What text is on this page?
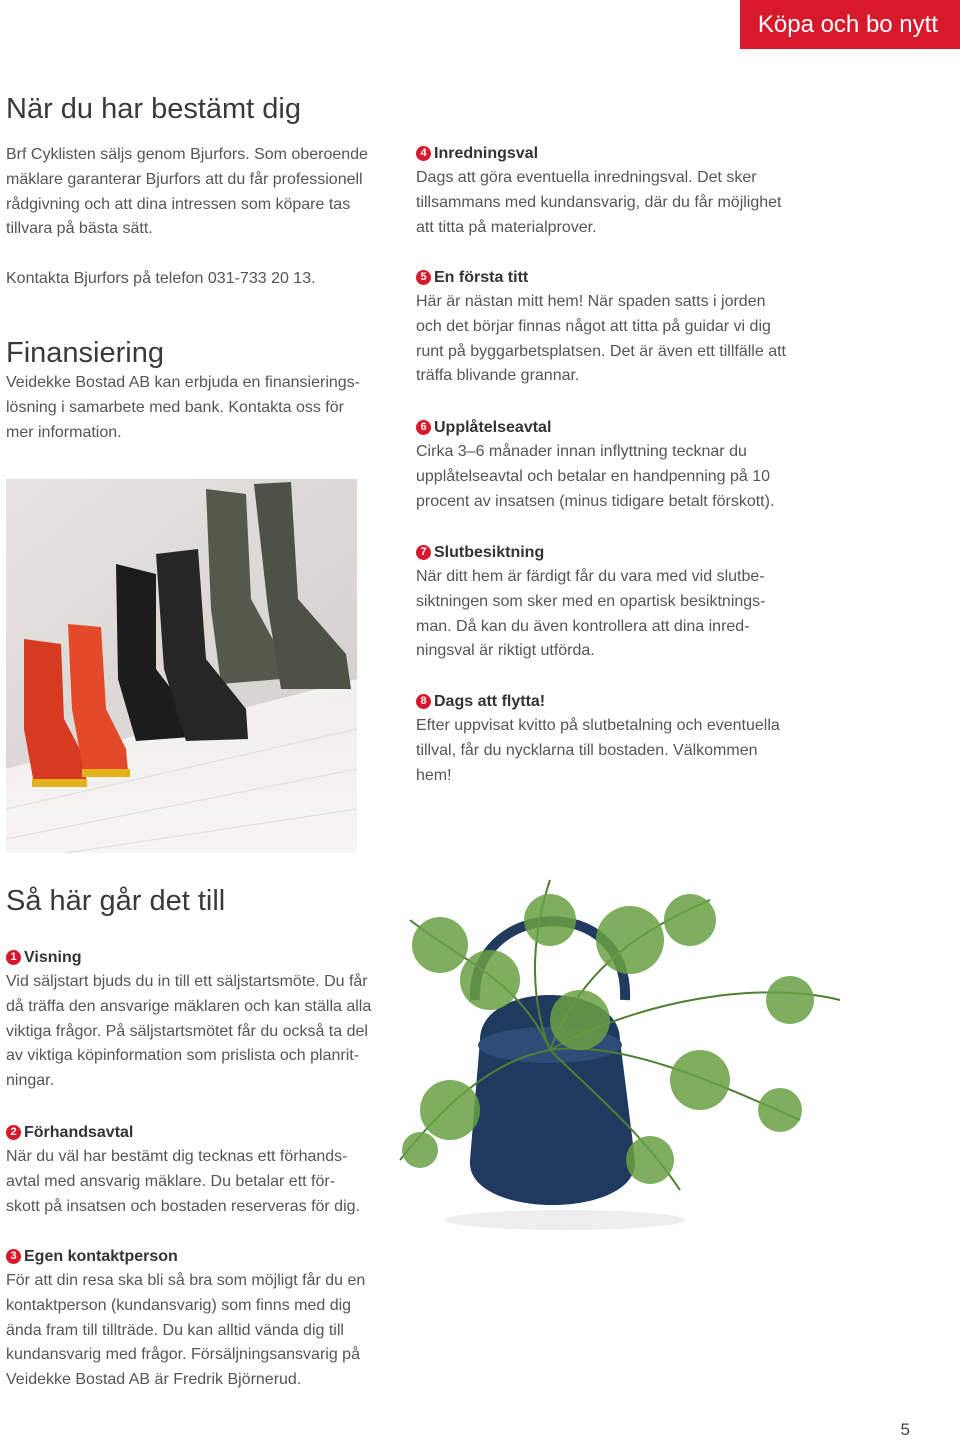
Köpa och bo nytt
När du har bestämt dig

Brf Cyklisten säljs genom Bjurfors. Som oberoende mäklare garanterar Bjurfors att du får professionell rådgivning och att dina intressen som köpare tas tillvara på bästa sätt.

Kontakta Bjurfors på telefon 031-733 20 13.

Finansiering

Veidekke Bostad AB kan erbjuda en finansierings-lösning i samarbete med bank. Kontakta oss för mer information.

Så här går det till
1 Visning
Vid säljstart bjuds du in till ett säljstartsmöte. Du får då träffa den ansvarige mäklaren och kan ställa alla viktiga frågor. På säljstartsmötet får du också ta del av viktiga köpinformation som prislista och planrit-ningar.
2 Förhandsavtal
När du väl har bestämt dig tecknas ett förhands-avtal med ansvarig mäklare. Du betalar ett för-skott på insatsen och bostaden reserveras för dig.
3 Egen kontaktperson
För att din resa ska bli så bra som möjligt får du en kontaktperson (kundansvarig) som finns med dig ända fram till tillträde. Du kan alltid vända dig till kundansvarig med frågor. Försäljningsansvarig på Veidekke Bostad AB är Fredrik Björnerud.
4 Inredningsval
Dags att göra eventuella inredningsval. Det sker tillsammans med kundansvarig, där du får möjlighet att titta på materialprover.
5 En första titt
Här är nästan mitt hem! När spaden satts i jorden och det börjar finnas något att titta på guidar vi dig runt på byggarbetsplatsen. Det är även ett tillfälle att träffa blivande grannar.
6 Upplåtelseavtal
Cirka 3–6 månader innan inflyttning tecknar du upplåtelseavtal och betalar en handpenning på 10 procent av insatsen (minus tidigare betalt förskott).
7 Slutbesiktning
När ditt hem är färdigt får du vara med vid slutbe-siktningen som sker med en opartisk besiktnings-man. Då kan du även kontrollera att dina inred-ningsval är riktigt utförda.
8 Dags att flytta!
Efter uppvisat kvitto på slutbetalning och eventuella tillval, får du nycklarna till bostaden. Välkommen hem!
5
